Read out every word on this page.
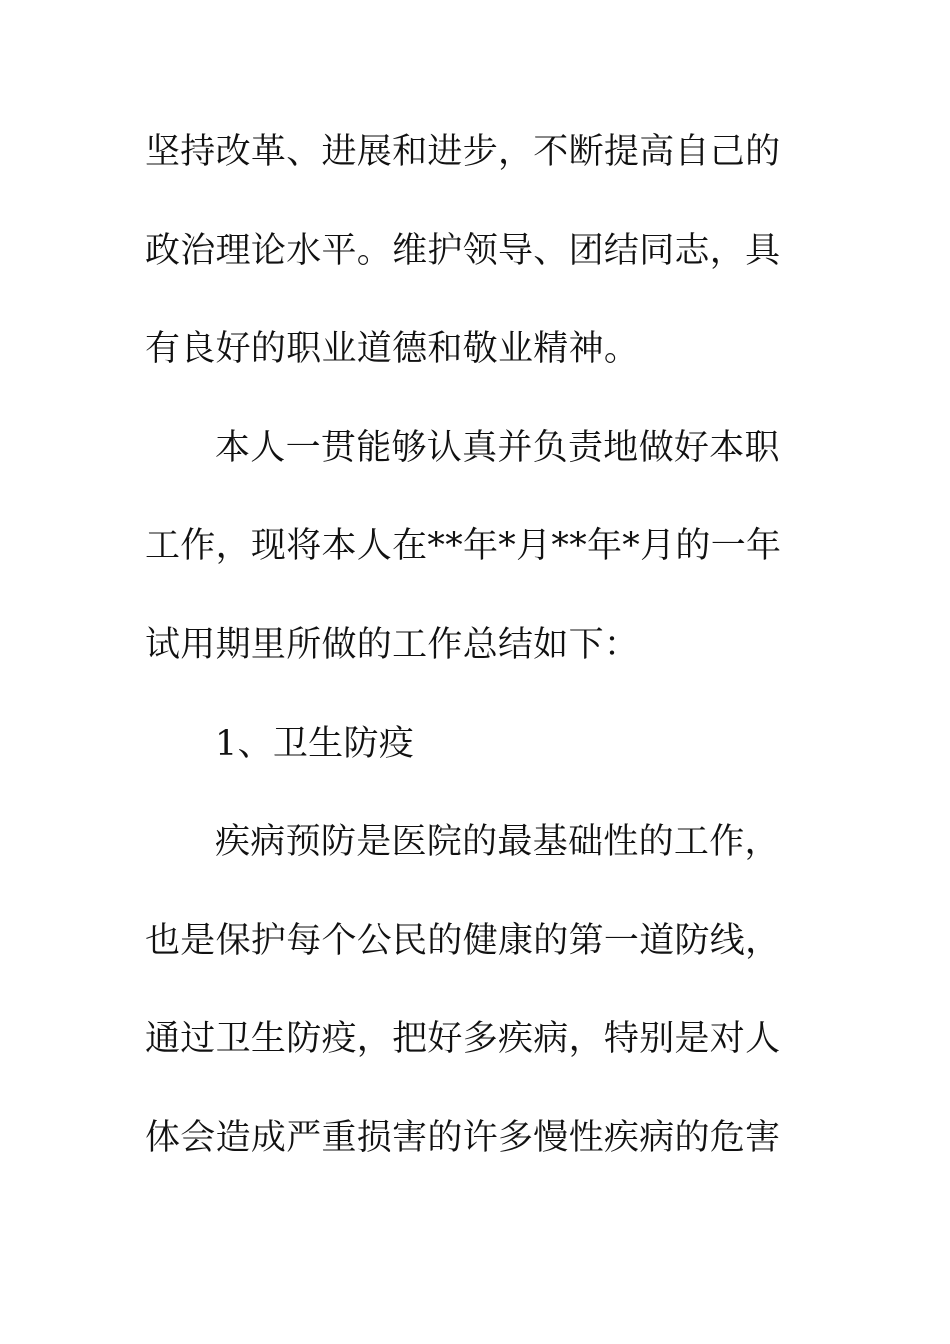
坚持改革、进展和进步，不断提高自己的
政治理论水平。维护领导、团结同志，具
有良好的职业道德和敬业精神。
本人一贯能够认真并负责地做好本职
工作，现将本人在**年*月**年*月的一年
试用期里所做的工作总结如下：
1、卫生防疫
疾病预防是医院的最基础性的工作，
也是保护每个公民的健康的第一道防线，
通过卫生防疫，把好多疾病，特别是对人
体会造成严重损害的许多慢性疾病的危害
